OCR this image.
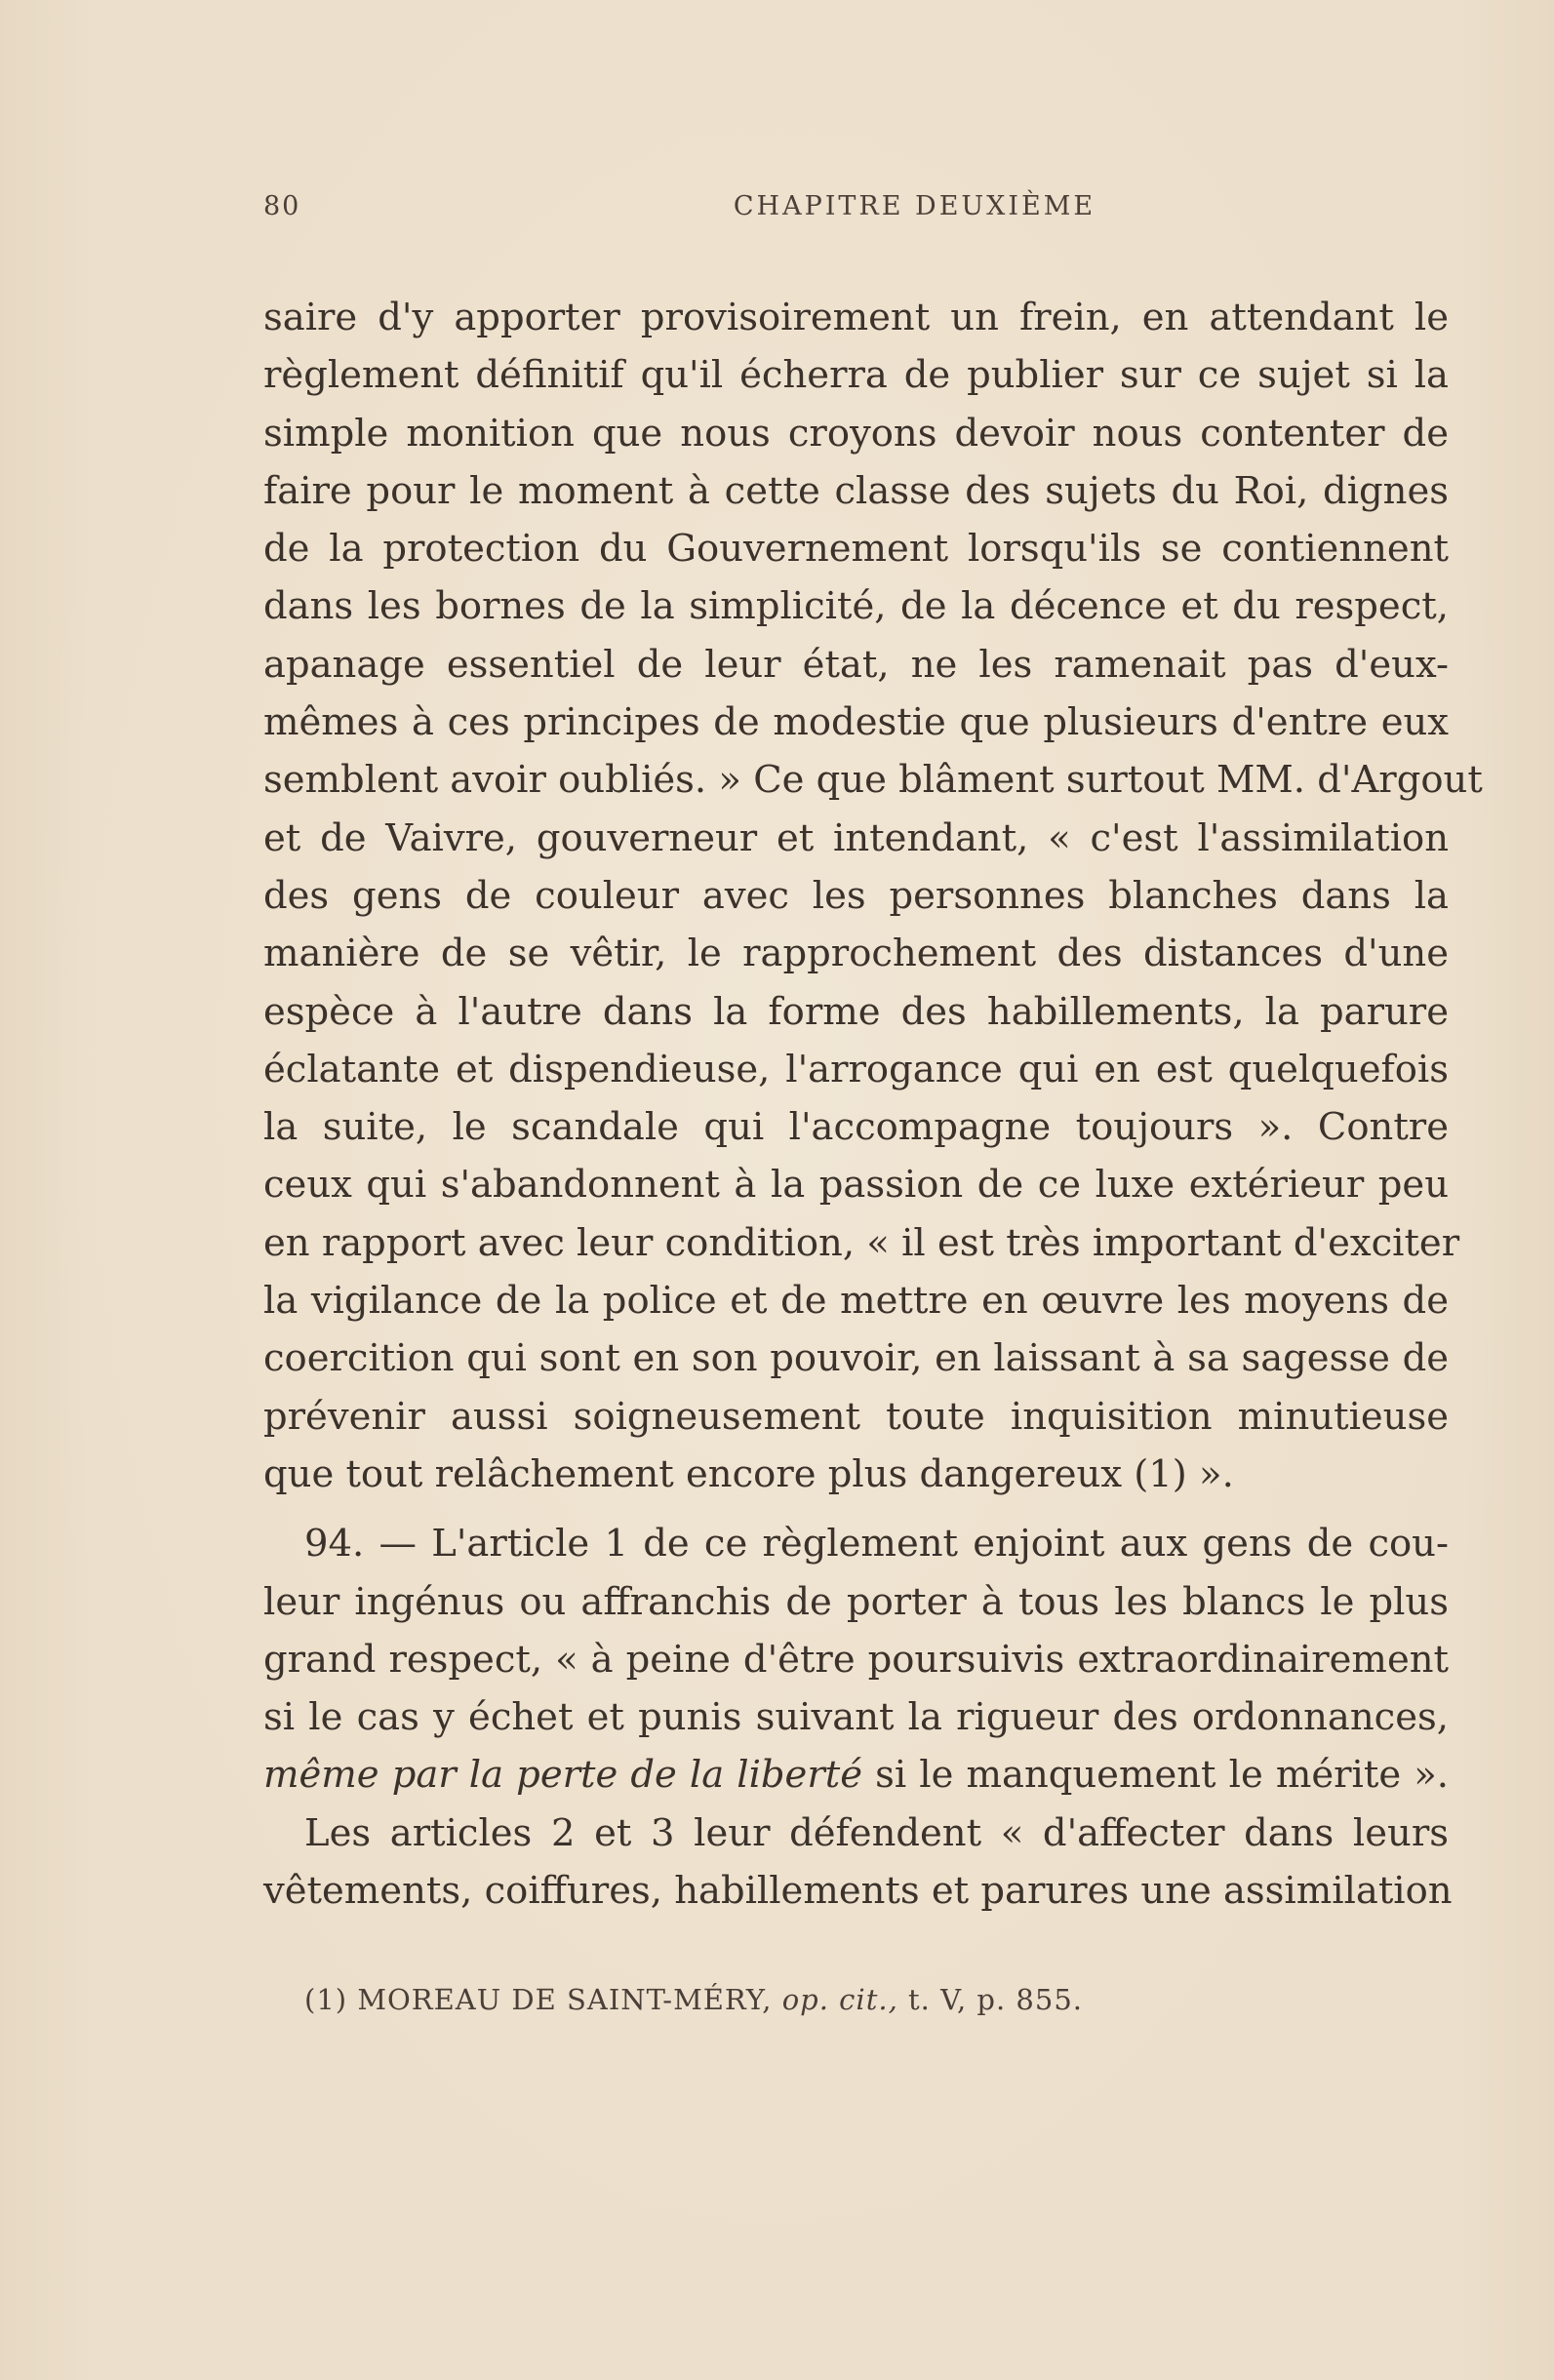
80	CHAPITRE DEUXIÈME
saire d'y apporter provisoirement un frein, en attendant le
règlement définitif qu'il écherra de publier sur ce sujet si la
simple monition que nous croyons devoir nous contenter de
faire pour le moment à cette classe des sujets du Roi, dignes
de la protection du Gouvernement lorsqu'ils se contiennent
dans les bornes de la simplicité, de la décence et du respect,
apanage essentiel de leur état, ne les ramenait pas d'eux-
mêmes à ces principes de modestie que plusieurs d'entre eux
semblent avoir oubliés. » Ce que blâment surtout MM. d'Argout
et de Vaivre, gouverneur et intendant, « c'est l'assimilation
des gens de couleur avec les personnes blanches dans la
manière de se vêtir, le rapprochement des distances d'une
espèce à l'autre dans la forme des habillements, la parure
éclatante et dispendieuse, l'arrogance qui en est quelquefois
la suite, le scandale qui l'accompagne toujours ». Contre
ceux qui s'abandonnent à la passion de ce luxe extérieur peu
en rapport avec leur condition, « il est très important d'exciter
la vigilance de la police et de mettre en œuvre les moyens de
coercition qui sont en son pouvoir, en laissant à sa sagesse de
prévenir aussi soigneusement toute inquisition minutieuse
que tout relâchement encore plus dangereux (1) ».
94. — L'article 1 de ce règlement enjoint aux gens de cou-
leur ingénus ou affranchis de porter à tous les blancs le plus
grand respect, « à peine d'être poursuivis extraordinairement
si le cas y échet et punis suivant la rigueur des ordonnances,
même par la perte de la liberté si le manquement le mérite ».
Les articles 2 et 3 leur défendent « d'affecter dans leurs
vêtements, coiffures, habillements et parures une assimilation
(1) MOREAU DE SAINT-MÉRY, op. cit., t. V, p. 855.
